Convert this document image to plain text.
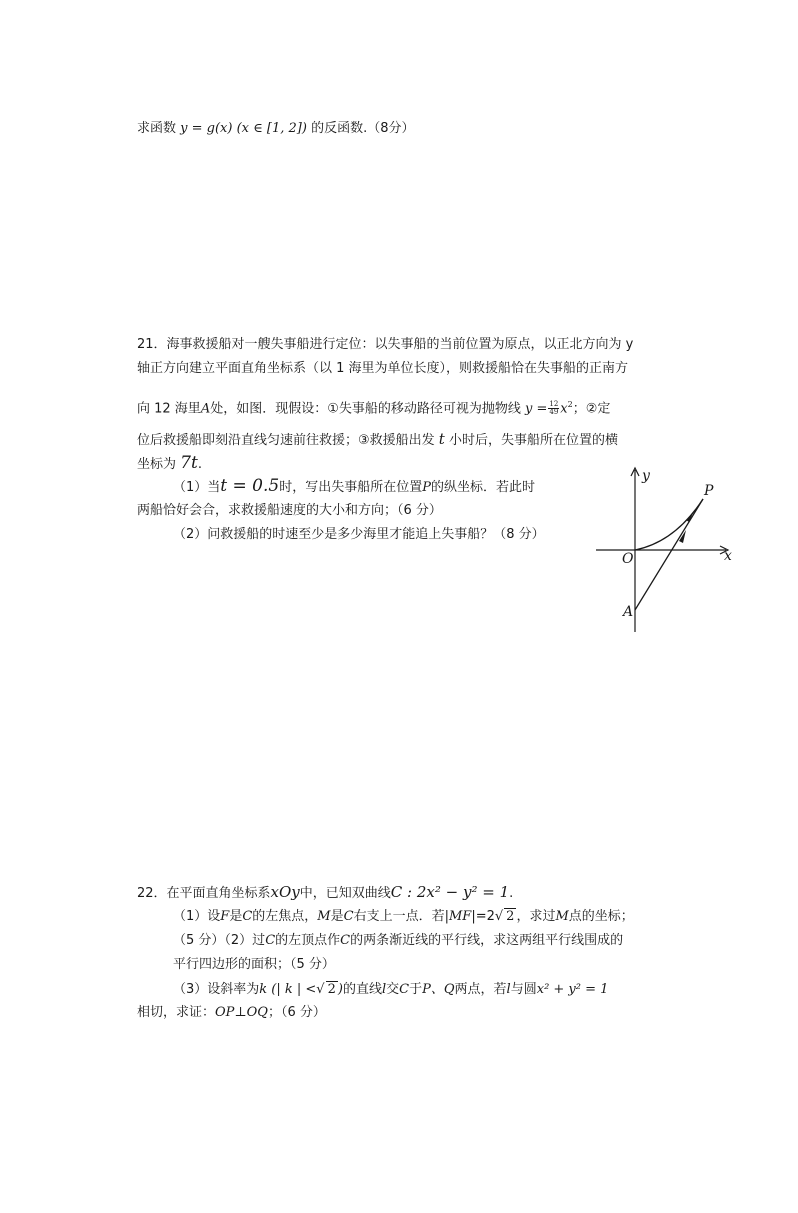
求函数 y = g(x) (x ∈ [1, 2]) 的反函数.（8分）
21．海事救援船对一艘失事船进行定位：以失事船的当前位置为原点，以正北方向为 y
轴正方向建立平面直角坐标系（以 1 海里为单位长度），则救援船恰在失事船的正南方
向 12 海里A处，如图．现假设：①失事船的移动路径可视为抛物线 $y = \frac{12}{49} x^2$；②定
位后救援船即刻沿直线匀速前往救援；③救援船出发 t 小时后，失事船所在位置的横
坐标为 7t.
（1）当t = 0.5时，写出失事船所在位置P的纵坐标．若此时
两船恰好会合，求救援船速度的大小和方向；（6 分）
（2）问救援船的时速至少是多少海里才能追上失事船？（8 分）
y
x
P
O
A
22．在平面直角坐标系xOy中，已知双曲线C : 2x² − y² = 1.
（1）设F是C的左焦点，M是C右支上一点．若|MF|=2√ 2 ，求过M点的坐标；
（5 分）（2）过C的左顶点作C的两条渐近线的平行线，求这两组平行线围成的
平行四边形的面积；（5 分）
（3）设斜率为k (| k | <√ 2 )的直线l交C于P、Q两点，若l与圆x² + y² = 1
相切，求证：OP⊥OQ；（6 分）
